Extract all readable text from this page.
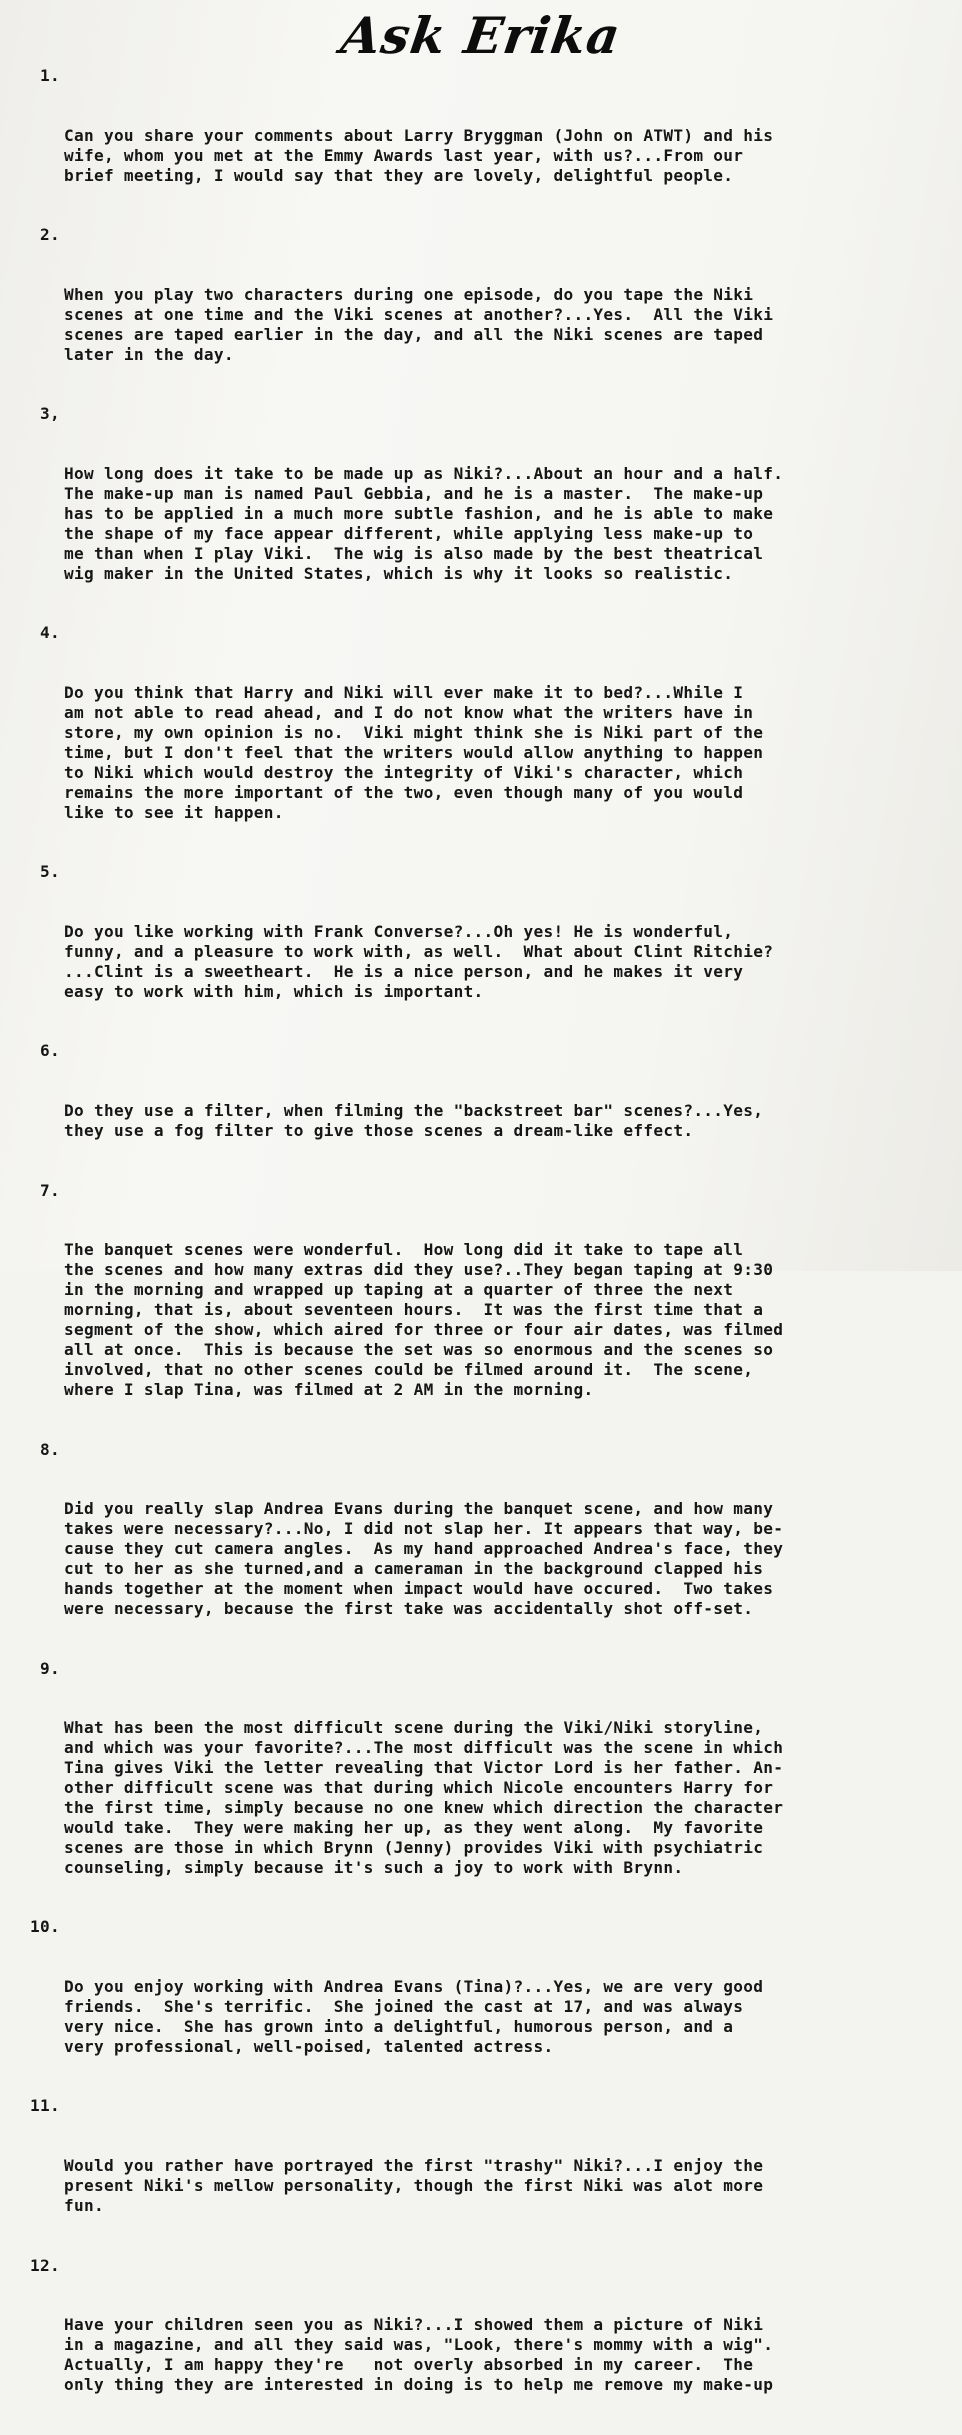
Ask Erika

1.

Can you share your comments about Larry Bryggman (John on ATWT) and his
wife, whom you met at the Emmy Awards last year, with us?...From our
brief meeting, I would say that they are lovely, delightful people.

2.

When you play two characters during one episode, do you tape the Niki
scenes at one time and the Viki scenes at another?...Yes.  All the Viki
scenes are taped earlier in the day, and all the Niki scenes are taped
later in the day.

3,

How long does it take to be made up as Niki?...About an hour and a half.
The make-up man is named Paul Gebbia, and he is a master.  The make-up
has to be applied in a much more subtle fashion, and he is able to make
the shape of my face appear different, while applying less make-up to
me than when I play Viki.  The wig is also made by the best theatrical
wig maker in the United States, which is why it looks so realistic.

4.

Do you think that Harry and Niki will ever make it to bed?...While I
am not able to read ahead, and I do not know what the writers have in
store, my own opinion is no.  Viki might think she is Niki part of the
time, but I don't feel that the writers would allow anything to happen
to Niki which would destroy the integrity of Viki's character, which
remains the more important of the two, even though many of you would
like to see it happen.

5.

Do you like working with Frank Converse?...Oh yes! He is wonderful,
funny, and a pleasure to work with, as well.  What about Clint Ritchie?
...Clint is a sweetheart.  He is a nice person, and he makes it very
easy to work with him, which is important.

6.

Do they use a filter, when filming the "backstreet bar" scenes?...Yes,
they use a fog filter to give those scenes a dream-like effect.

7.

The banquet scenes were wonderful.  How long did it take to tape all
the scenes and how many extras did they use?..They began taping at 9:30
in the morning and wrapped up taping at a quarter of three the next
morning, that is, about seventeen hours.  It was the first time that a
segment of the show, which aired for three or four air dates, was filmed
all at once.  This is because the set was so enormous and the scenes so
involved, that no other scenes could be filmed around it.  The scene,
where I slap Tina, was filmed at 2 AM in the morning.

8.

Did you really slap Andrea Evans during the banquet scene, and how many
takes were necessary?...No, I did not slap her. It appears that way, be-
cause they cut camera angles.  As my hand approached Andrea's face, they
cut to her as she turned,and a cameraman in the background clapped his
hands together at the moment when impact would have occured.  Two takes
were necessary, because the first take was accidentally shot off-set.

9.

What has been the most difficult scene during the Viki/Niki storyline,
and which was your favorite?...The most difficult was the scene in which
Tina gives Viki the letter revealing that Victor Lord is her father. An-
other difficult scene was that during which Nicole encounters Harry for
the first time, simply because no one knew which direction the character
would take.  They were making her up, as they went along.  My favorite
scenes are those in which Brynn (Jenny) provides Viki with psychiatric
counseling, simply because it's such a joy to work with Brynn.

10.

Do you enjoy working with Andrea Evans (Tina)?...Yes, we are very good
friends.  She's terrific.  She joined the cast at 17, and was always
very nice.  She has grown into a delightful, humorous person, and a
very professional, well-poised, talented actress.

11.

Would you rather have portrayed the first "trashy" Niki?...I enjoy the
present Niki's mellow personality, though the first Niki was alot more
fun.

12.

Have your children seen you as Niki?...I showed them a picture of Niki
in a magazine, and all they said was, "Look, there's mommy with a wig".
Actually, I am happy they're   not overly absorbed in my career.  The
only thing they are interested in doing is to help me remove my make-up
